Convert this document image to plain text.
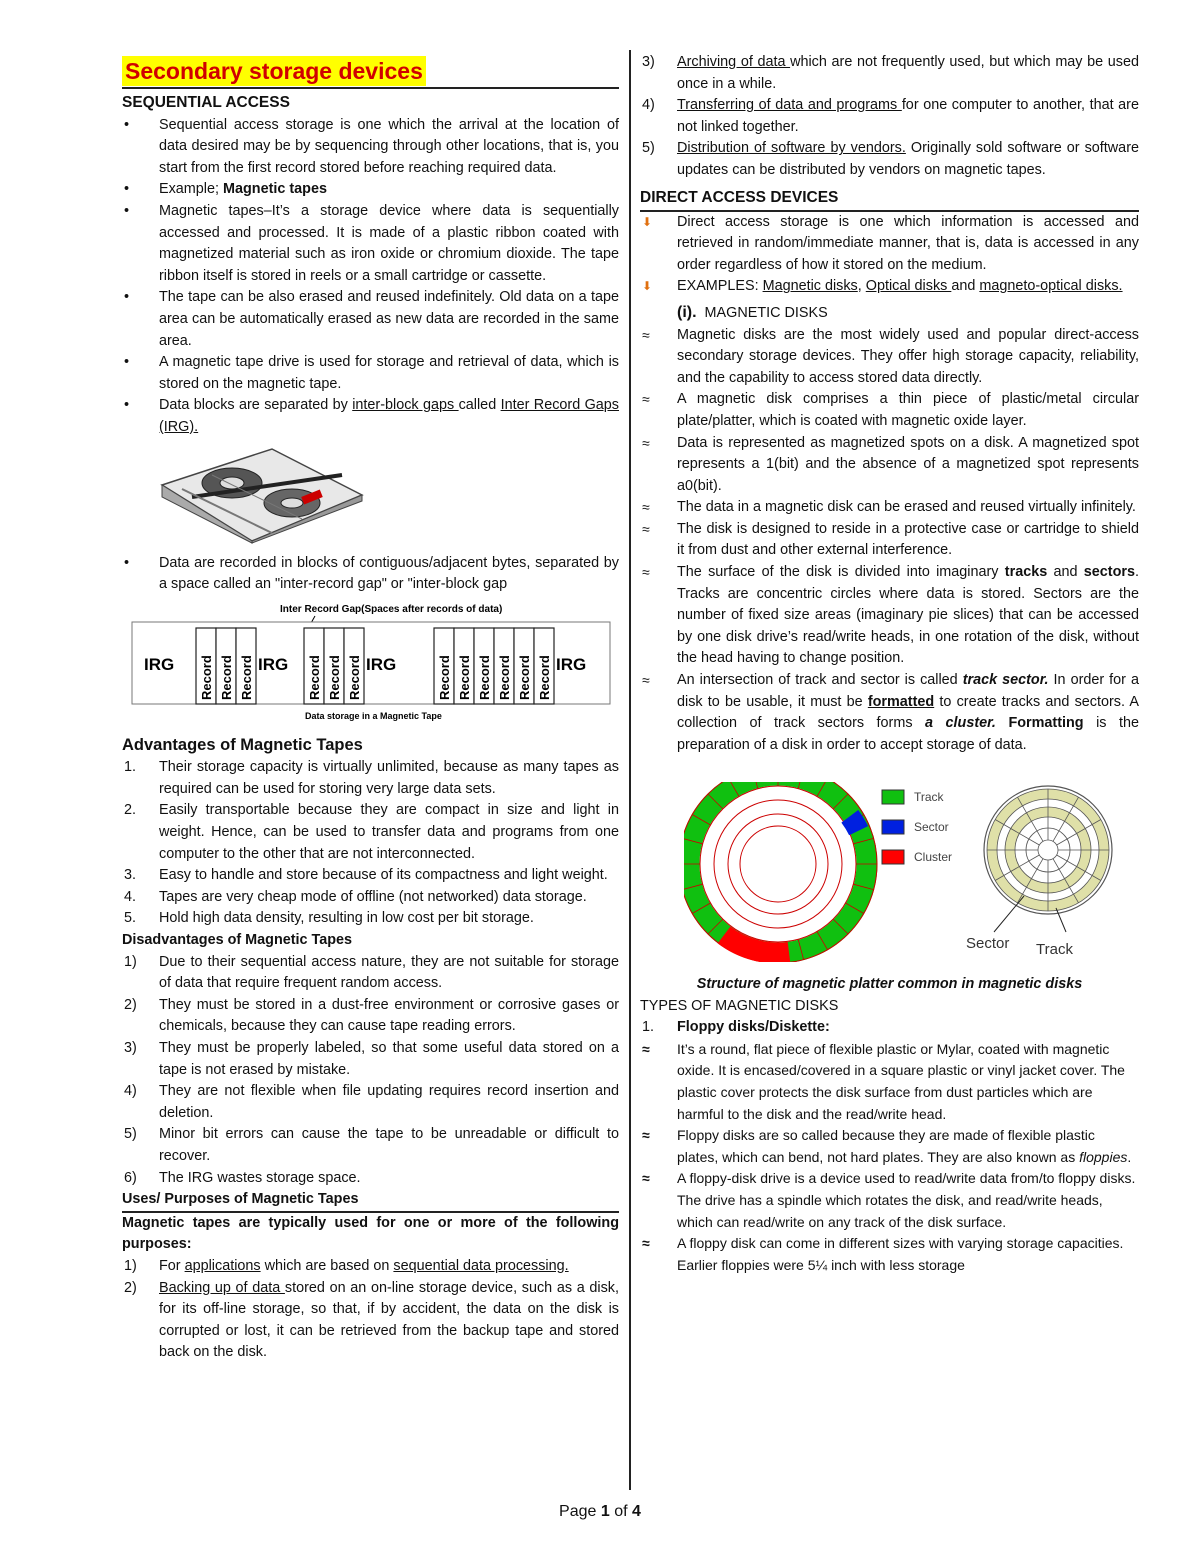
Secondary storage devices
SEQUENTIAL ACCESS
• Sequential access storage is one which the arrival at the location of data desired may be by sequencing through other locations, that is, you start from the first record stored before reaching required data.
• Example; Magnetic tapes
• Magnetic tapes–It’s a storage device where data is sequentially accessed and processed. It is made of a plastic ribbon coated with magnetized material such as iron oxide or chromium dioxide. The tape ribbon itself is stored in reels or a small cartridge or cassette.
• The tape can be also erased and reused indefinitely. Old data on a tape area can be automatically erased as new data are recorded in the same area.
• A magnetic tape drive is used for storage and retrieval of data, which is stored on the magnetic tape.
• Data blocks are separated by inter-block gaps called Inter Record Gaps (IRG).
• Data are recorded in blocks of contiguous/adjacent bytes, separated by a space called an "inter-record gap" or "inter-block gap
Inter Record Gap(Spaces after records of data)
IRG Record Record Record IRG Record Record Record IRG	Record Record Record Record Record Record IRG
Data storage in a Magnetic Tape
Advantages of Magnetic Tapes
1. Their storage capacity is virtually unlimited, because as many tapes as required can be used for storing very large data sets.
2. Easily transportable because they are compact in size and light in weight. Hence, can be used to transfer data and programs from one computer to the other that are not interconnected.
3. Easy to handle and store because of its compactness and light weight.
4. Tapes are very cheap mode of offline (not networked) data storage.
5. Hold high data density, resulting in low cost per bit storage.
Disadvantages of Magnetic Tapes
1) Due to their sequential access nature, they are not suitable for storage of data that require frequent random access.
2) They must be stored in a dust-free environment or corrosive gases or chemicals, because they can cause tape reading errors.
3) They must be properly labeled, so that some useful data stored on a tape is not erased by mistake.
4) They are not flexible when file updating requires record insertion and deletion.
5) Minor bit errors can cause the tape to be unreadable or difficult to recover.
6) The IRG wastes storage space.
Uses/ Purposes of Magnetic Tapes
Magnetic tapes are typically used for one or more of the following purposes:
1) For applications which are based on sequential data processing.
2) Backing up of data stored on an on-line storage device, such as a disk, for its off-line storage, so that, if by accident, the data on the disk is corrupted or lost, it can be retrieved from the backup tape and stored back on the disk.
3) Archiving of data which are not frequently used, but which may be used once in a while.
4) Transferring of data and programs for one computer to another, that are not linked together.
5) Distribution of software by vendors. Originally sold software or software updates can be distributed by vendors on magnetic tapes.
DIRECT ACCESS DEVICES
⬇ Direct access storage is one which information is accessed and retrieved in random/immediate manner, that is, data is accessed in any order regardless of how it stored on the medium.
⬇ EXAMPLES: Magnetic disks, Optical disks and magneto-optical disks.
(i). MAGNETIC DISKS
≈ Magnetic disks are the most widely used and popular direct-access secondary storage devices. They offer high storage capacity, reliability, and the capability to access stored data directly.
≈ A magnetic disk comprises a thin piece of plastic/metal circular plate/platter, which is coated with magnetic oxide layer.
≈ Data is represented as magnetized spots on a disk. A magnetized spot represents a 1(bit) and the absence of a magnetized spot represents a0(bit).
≈ The data in a magnetic disk can be erased and reused virtually infinitely.
≈ The disk is designed to reside in a protective case or cartridge to shield it from dust and other external interference.
≈ The surface of the disk is divided into imaginary tracks and sectors. Tracks are concentric circles where data is stored. Sectors are the number of fixed size areas (imaginary pie slices) that can be accessed by one disk drive’s read/write heads, in one rotation of the disk, without the head having to change position.
≈ An intersection of track and sector is called track sector. In order for a disk to be usable, it must be formatted to create tracks and sectors. A collection of track sectors forms a cluster. Formatting is the preparation of a disk in order to accept storage of data.
Track
Sector
Cluster
Sector Track
Structure of magnetic platter common in magnetic disks
TYPES OF MAGNETIC DISKS
1. Floppy disks/Diskette:
≈ It’s a round, flat piece of flexible plastic or Mylar, coated with magnetic oxide. It is encased/covered in a square plastic or vinyl jacket cover. The plastic cover protects the disk surface from dust particles which are harmful to the disk and the read/write head.
≈ Floppy disks are so called because they are made of flexible plastic plates, which can bend, not hard plates. They are also known as floppies.
≈ A floppy-disk drive is a device used to read/write data from/to floppy disks. The drive has a spindle which rotates the disk, and read/write heads, which can read/write on any track of the disk surface.
≈ A floppy disk can come in different sizes with varying storage capacities. Earlier floppies were 5¼ inch with less storage
Page 1 of 4
